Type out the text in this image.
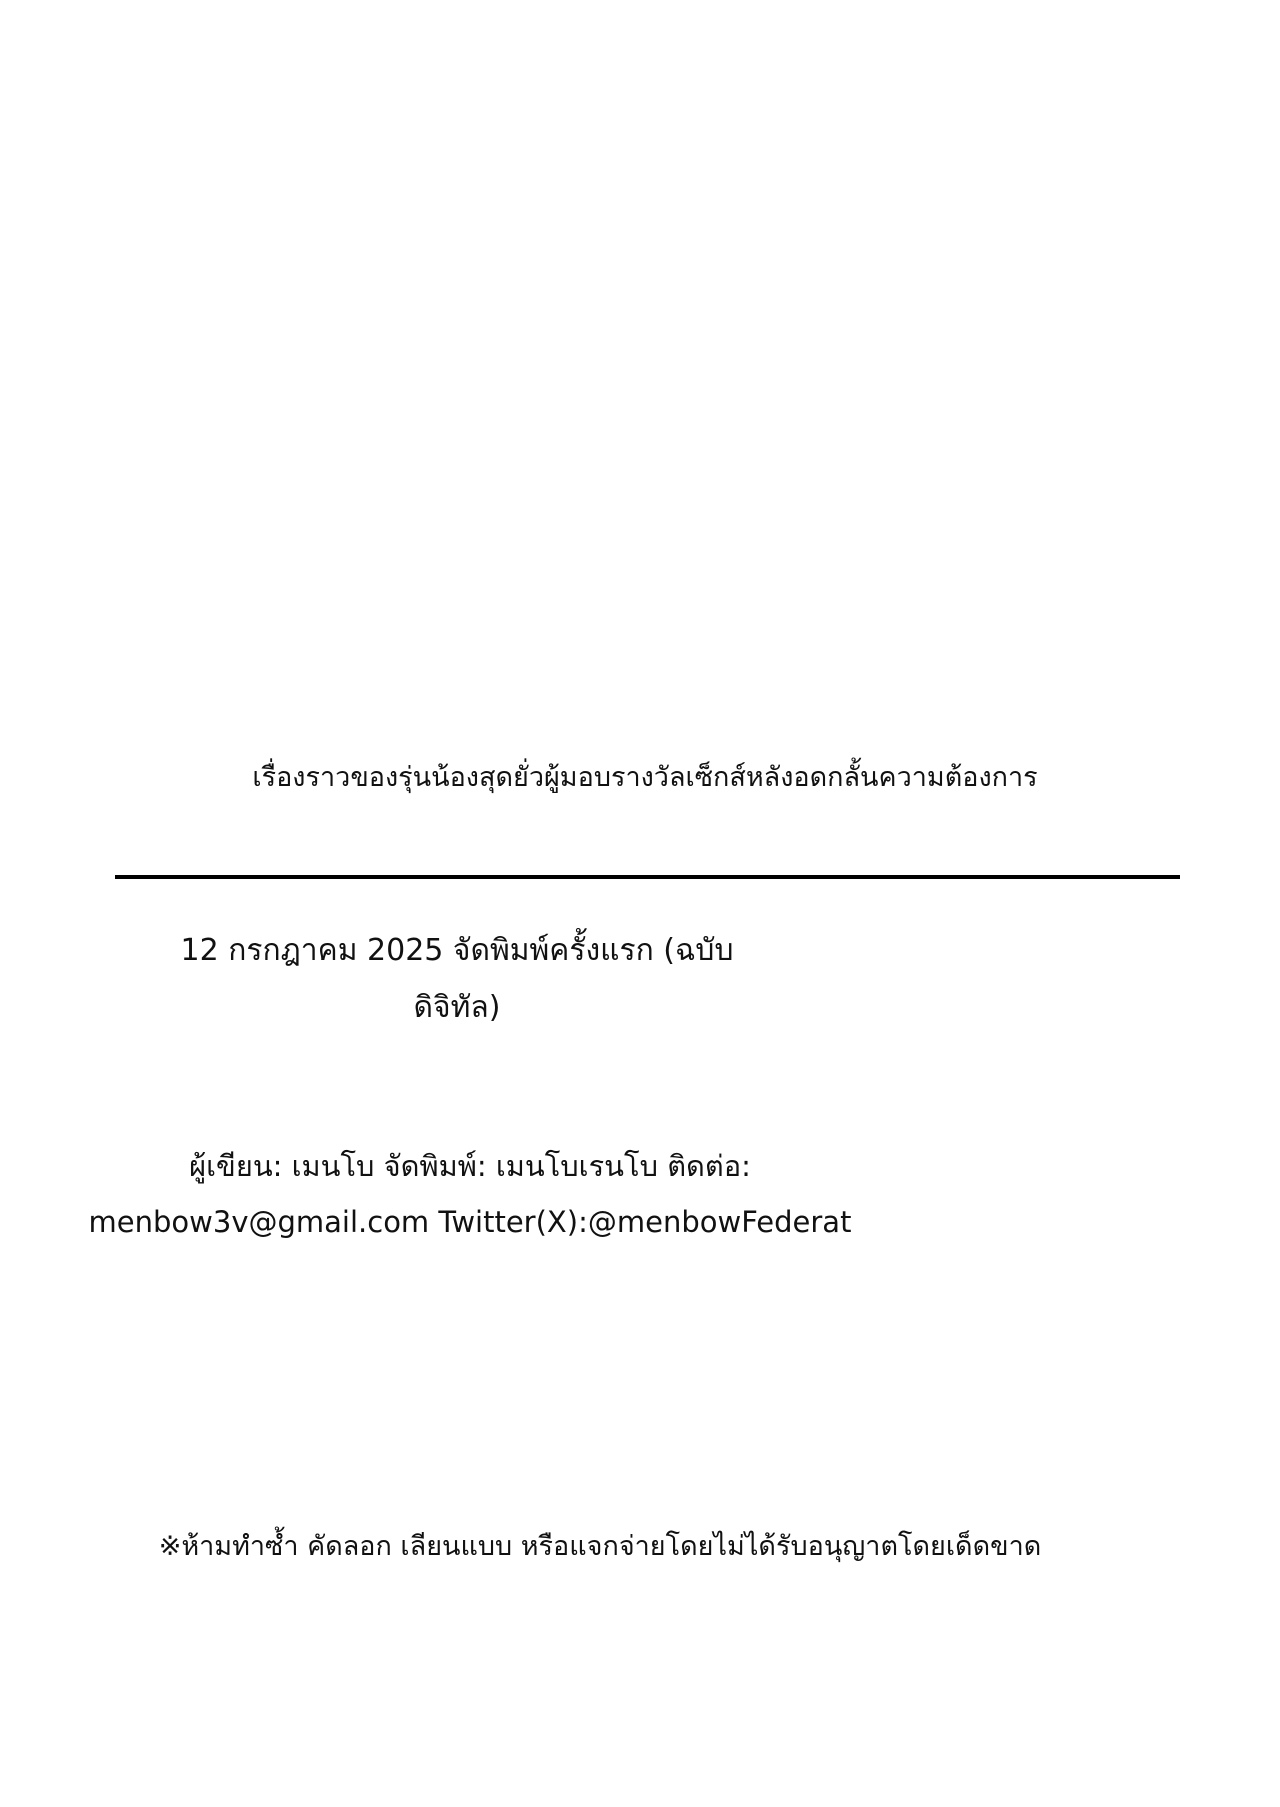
เรื่องราวของรุ่นน้องสุดยั่วผู้มอบรางวัลเซ็กส์หลังอดกลั้นความต้องการ
12 กรกฎาคม 2025 จัดพิมพ์ครั้งแรก (ฉบับ
ดิจิทัล)
ผู้เขียน: เมนโบ จัดพิมพ์: เมนโบเรนโบ ติดต่อ:
menbow3v@gmail.com Twitter(X):@menbowFederat
※ห้ามทำซ้ำ คัดลอก เลียนแบบ หรือแจกจ่ายโดยไม่ได้รับอนุญาตโดยเด็ดขาด
